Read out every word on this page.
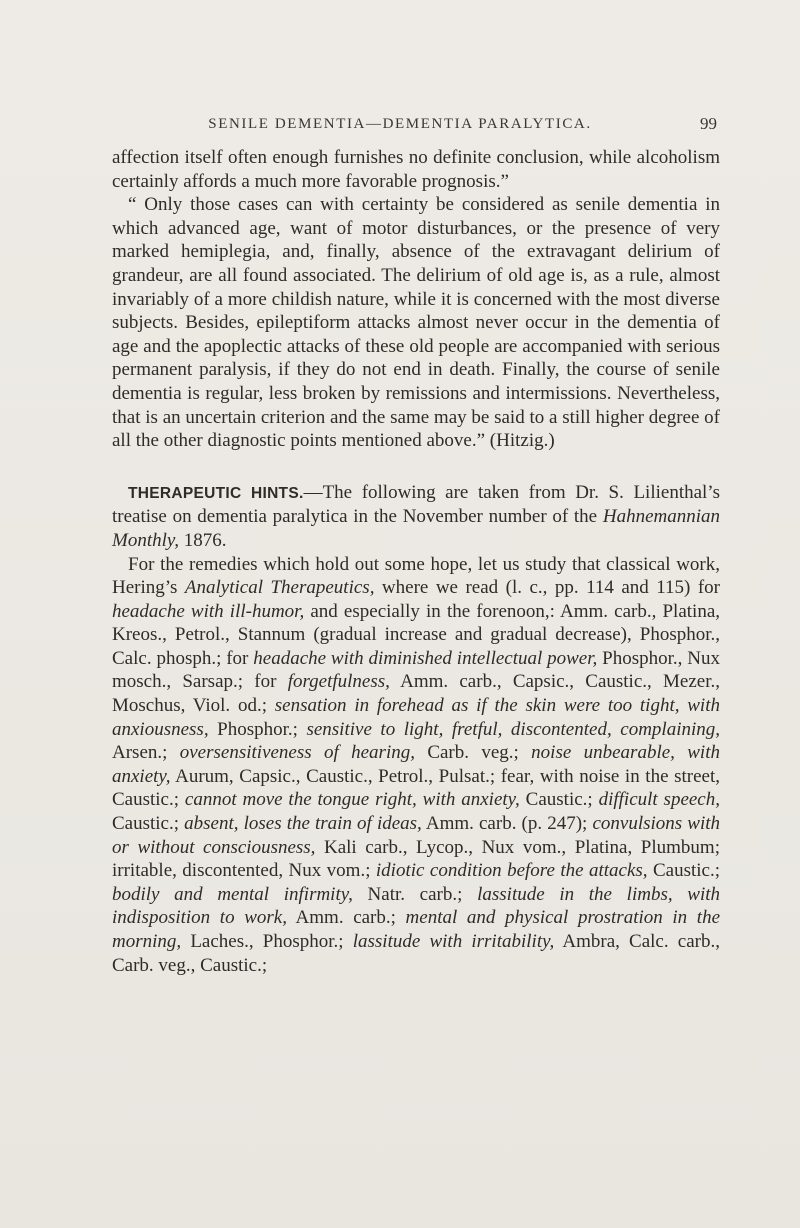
SENILE DEMENTIA—DEMENTIA PARALYTICA.	99

affection itself often enough furnishes no definite conclusion, while alcoholism certainly affords a much more favorable prognosis.”

“ Only those cases can with certainty be considered as senile dementia in which advanced age, want of motor disturbances, or the presence of very marked hemiplegia, and, finally, absence of the extravagant delirium of grandeur, are all found associated. The delirium of old age is, as a rule, almost invariably of a more childish nature, while it is concerned with the most diverse subjects. Besides, epileptiform attacks almost never occur in the dementia of age and the apoplectic attacks of these old people are accompanied with serious permanent paralysis, if they do not end in death. Finally, the course of senile dementia is regular, less broken by remissions and intermissions. Nevertheless, that is an uncertain criterion and the same may be said to a still higher degree of all the other diagnostic points mentioned above.” (Hitzig.)

THERAPEUTIC HINTS.—The following are taken from Dr. S. Lilienthal’s treatise on dementia paralytica in the November number of the Hahnemannian Monthly, 1876.

For the remedies which hold out some hope, let us study that classical work, Hering’s Analytical Therapeutics, where we read (l. c., pp. 114 and 115) for headache with ill-humor, and especially in the forenoon,: Amm. carb., Platina, Kreos., Petrol., Stannum (gradual increase and gradual decrease), Phosphor., Calc. phosph.; for headache with diminished intellectual power, Phosphor., Nux mosch., Sarsap.; for forgetfulness, Amm. carb., Capsic., Caustic., Mezer., Moschus, Viol. od.; sensation in forehead as if the skin were too tight, with anxiousness, Phosphor.; sensitive to light, fretful, discontented, complaining, Arsen.; oversensitiveness of hearing, Carb. veg.; noise unbearable, with anxiety, Aurum, Capsic., Caustic., Petrol., Pulsat.; fear, with noise in the street, Caustic.; cannot move the tongue right, with anxiety, Caustic.; difficult speech, Caustic.; absent, loses the train of ideas, Amm. carb. (p. 247); convulsions with or without consciousness, Kali carb., Lycop., Nux vom., Platina, Plumbum; irritable, discontented, Nux vom.; idiotic condition before the attacks, Caustic.; bodily and mental infirmity, Natr. carb.; lassitude in the limbs, with indisposition to work, Amm. carb.; mental and physical prostration in the morning, Laches., Phosphor.; lassitude with irritability, Ambra, Calc. carb., Carb. veg., Caustic.;
